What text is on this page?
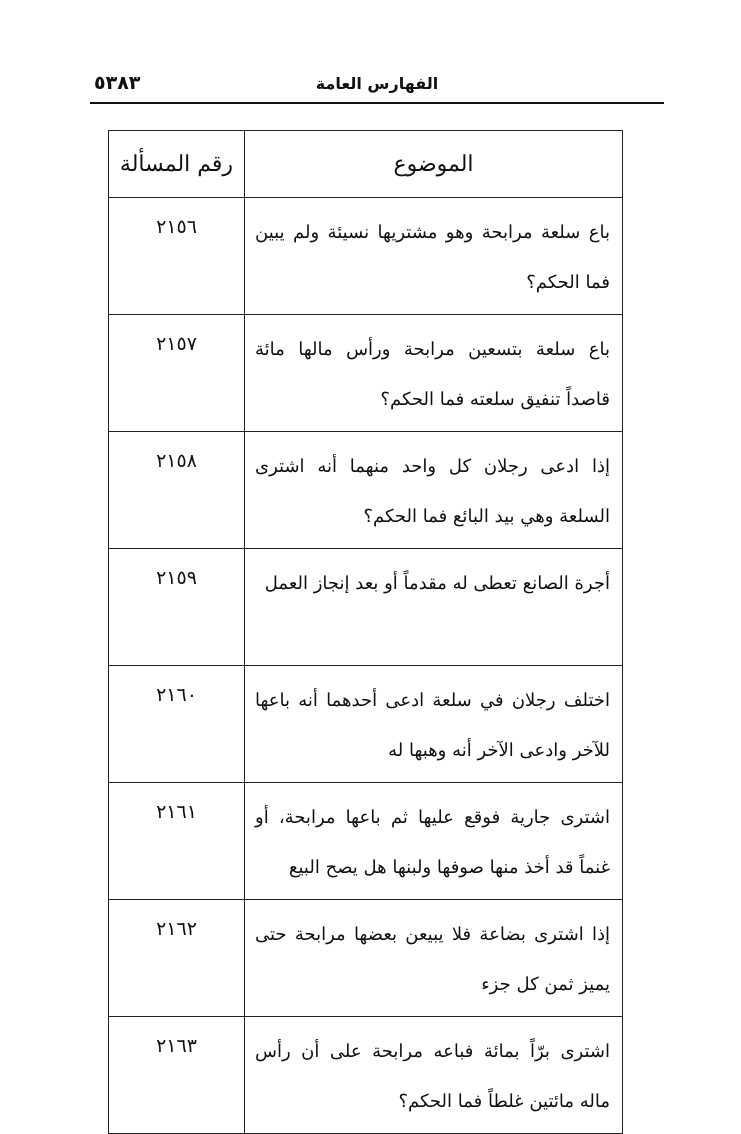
٥٣٨٣	الفهارس العامة
الموضوع	رقم المسألة
باع سلعة مرابحة وهو مشتريها نسيئة ولم يبين فما الحكم؟	٢١٥٦
باع سلعة بتسعين مرابحة ورأس مالها مائة قاصداً تنفيق سلعته فما الحكم؟	٢١٥٧
إذا ادعى رجلان كل واحد منهما أنه اشترى السلعة وهي بيد البائع فما الحكم؟	٢١٥٨
أجرة الصانع تعطى له مقدماً أو بعد إنجاز العمل	٢١٥٩
اختلف رجلان في سلعة ادعى أحدهما أنه باعها للآخر وادعى الآخر أنه وهبها له	٢١٦٠
اشترى جارية فوقع عليها ثم باعها مرابحة، أو غنماً قد أخذ منها صوفها ولبنها هل يصح البيع	٢١٦١
إذا اشترى بضاعة فلا يبيعن بعضها مرابحة حتى يميز ثمن كل جزء	٢١٦٢
اشترى برّاً بمائة فباعه مرابحة على أن رأس ماله مائتين غلطاً فما الحكم؟	٢١٦٣
